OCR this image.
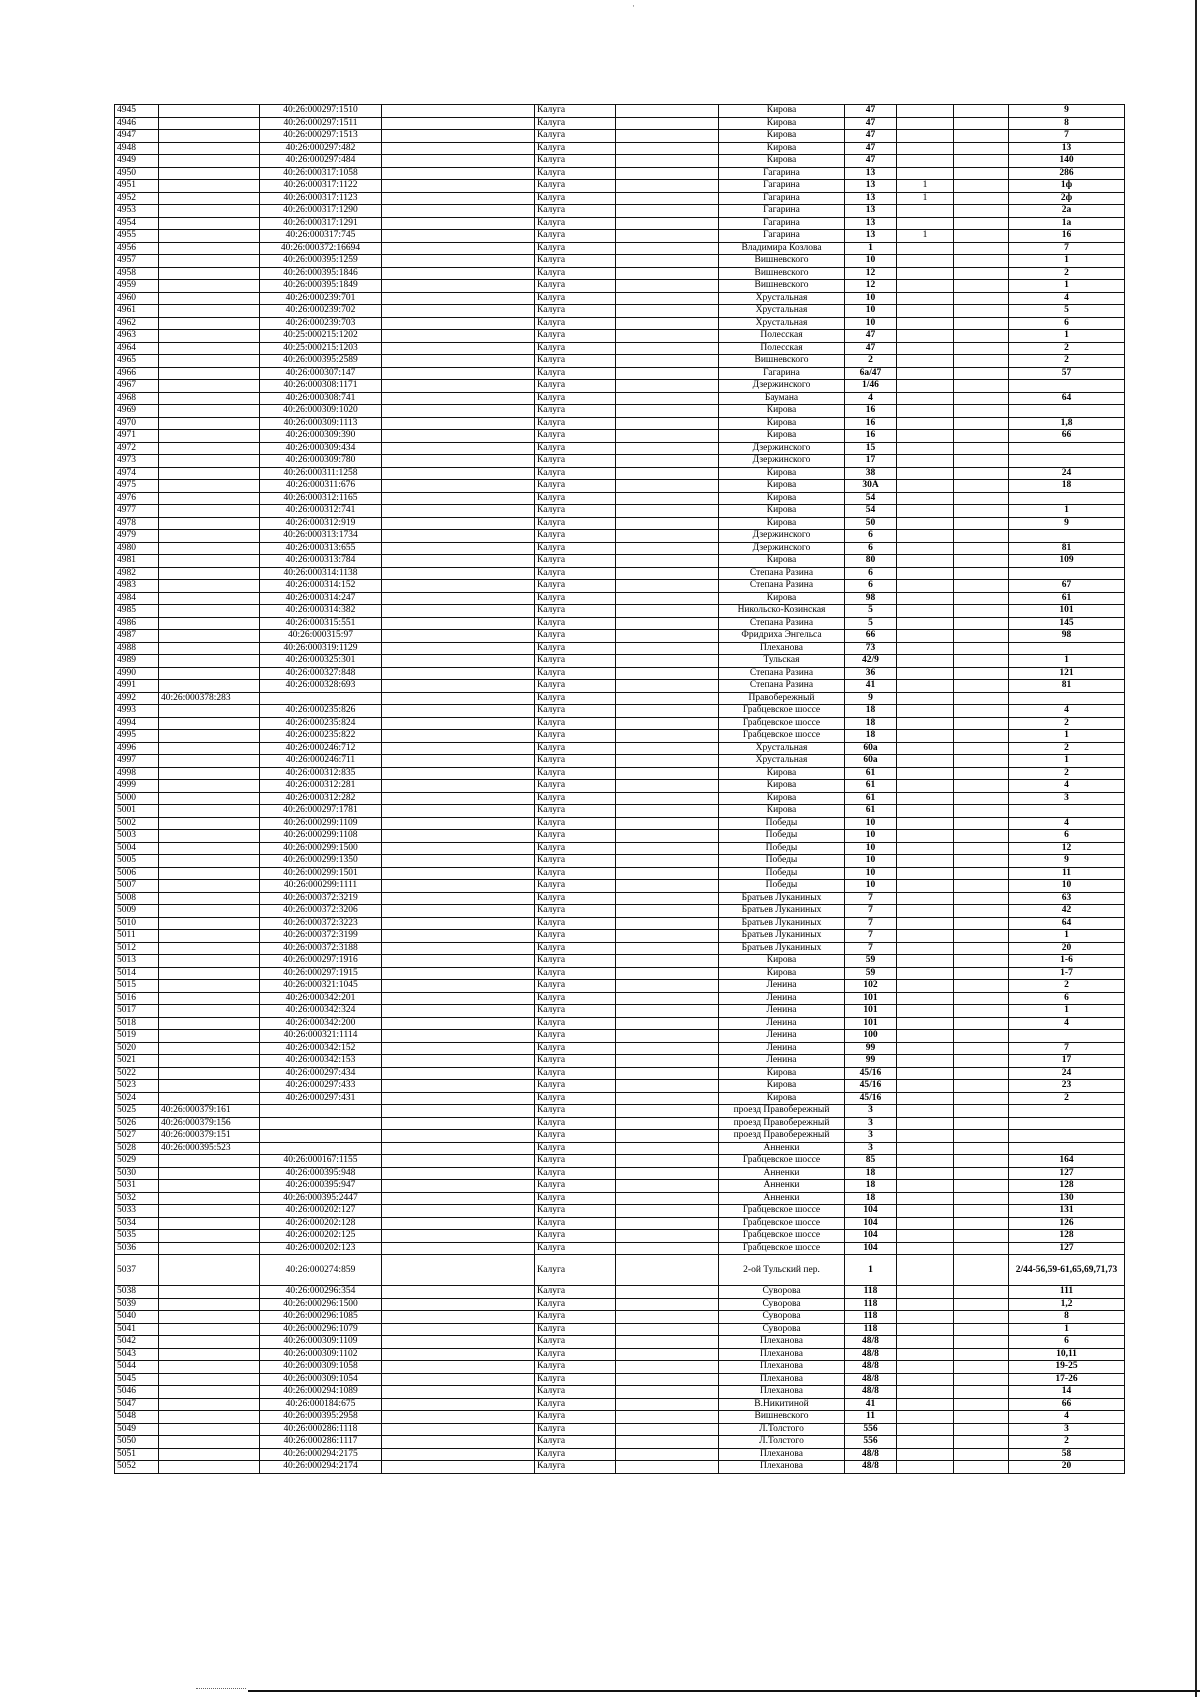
·
4945		40:26:000297:1510		Калуга		Кирова	47			9
4946		40:26:000297:1511		Калуга		Кирова	47			8
4947		40:26:000297:1513		Калуга		Кирова	47			7
4948		40:26:000297:482		Калуга		Кирова	47			13
4949		40:26:000297:484		Калуга		Кирова	47			140
4950		40:26:000317:1058		Калуга		Гагарина	13			286
4951		40:26:000317:1122		Калуга		Гагарина	13	1		1ф
4952		40:26:000317:1123		Калуга		Гагарина	13	1		2ф
4953		40:26:000317:1290		Калуга		Гагарина	13			2а
4954		40:26:000317:1291		Калуга		Гагарина	13			1а
4955		40:26:000317:745		Калуга		Гагарина	13	1		16
4956		40:26:000372:16694		Калуга		Владимира Козлова	1			7
4957		40:26:000395:1259		Калуга		Вишневского	10			1
4958		40:26:000395:1846		Калуга		Вишневского	12			2
4959		40:26:000395:1849		Калуга		Вишневского	12			1
4960		40:26:000239:701		Калуга		Хрустальная	10			4
4961		40:26:000239:702		Калуга		Хрустальная	10			5
4962		40:26:000239:703		Калуга		Хрустальная	10			6
4963		40:25:000215:1202		Калуга		Полесская	47			1
4964		40:25:000215:1203		Калуга		Полесская	47			2
4965		40:26:000395:2589		Калуга		Вишневского	2			2
4966		40:26:000307:147		Калуга		Гагарина	6а/47			57
4967		40:26:000308:1171		Калуга		Дзержинского	1/46			
4968		40:26:000308:741		Калуга		Баумана	4			64
4969		40:26:000309:1020		Калуга		Кирова	16			
4970		40:26:000309:1113		Калуга		Кирова	16			1,8
4971		40:26:000309:390		Калуга		Кирова	16			66
4972		40:26:000309:434		Калуга		Дзержинского	15			
4973		40:26:000309:780		Калуга		Дзержинского	17			
4974		40:26:000311:1258		Калуга		Кирова	38			24
4975		40:26:000311:676		Калуга		Кирова	30А			18
4976		40:26:000312:1165		Калуга		Кирова	54			
4977		40:26:000312:741		Калуга		Кирова	54			1
4978		40:26:000312:919		Калуга		Кирова	50			9
4979		40:26:000313:1734		Калуга		Дзержинского	6			
4980		40:26:000313:655		Калуга		Дзержинского	6			81
4981		40:26:000313:784		Калуга		Кирова	80			109
4982		40:26:000314:1138		Калуга		Степана Разина	6			
4983		40:26:000314:152		Калуга		Степана Разина	6			67
4984		40:26:000314:247		Калуга		Кирова	98			61
4985		40:26:000314:382		Калуга		Никольско-Козинская	5			101
4986		40:26:000315:551		Калуга		Степана Разина	5			145
4987		40:26:000315:97		Калуга		Фридриха Энгельса	66			98
4988		40:26:000319:1129		Калуга		Плеханова	73			
4989		40:26:000325:301		Калуга		Тульская	42/9			1
4990		40:26:000327:848		Калуга		Степана Разина	36			121
4991		40:26:000328:693		Калуга		Степана Разина	41			81
4992	40:26:000378:283			Калуга		Правобережный	9			
4993		40:26:000235:826		Калуга		Грабцевское шоссе	18			4
4994		40:26:000235:824		Калуга		Грабцевское шоссе	18			2
4995		40:26:000235:822		Калуга		Грабцевское шоссе	18			1
4996		40:26:000246:712		Калуга		Хрустальная	60а			2
4997		40:26:000246:711		Калуга		Хрустальная	60а			1
4998		40:26:000312:835		Калуга		Кирова	61			2
4999		40:26:000312:281		Калуга		Кирова	61			4
5000		40:26:000312:282		Калуга		Кирова	61			3
5001		40:26:000297:1781		Калуга		Кирова	61			
5002		40:26:000299:1109		Калуга		Победы	10			4
5003		40:26:000299:1108		Калуга		Победы	10			6
5004		40:26:000299:1500		Калуга		Победы	10			12
5005		40:26:000299:1350		Калуга		Победы	10			9
5006		40:26:000299:1501		Калуга		Победы	10			11
5007		40:26:000299:1111		Калуга		Победы	10			10
5008		40:26:000372:3219		Калуга		Братьев Луканиных	7			63
5009		40:26:000372:3206		Калуга		Братьев Луканиных	7			42
5010		40:26:000372:3223		Калуга		Братьев Луканиных	7			64
5011		40:26:000372:3199		Калуга		Братьев Луканиных	7			1
5012		40:26:000372:3188		Калуга		Братьев Луканиных	7			20
5013		40:26:000297:1916		Калуга		Кирова	59			1-6
5014		40:26:000297:1915		Калуга		Кирова	59			1-7
5015		40:26:000321:1045		Калуга		Ленина	102			2
5016		40:26:000342:201		Калуга		Ленина	101			6
5017		40:26:000342:324		Калуга		Ленина	101			1
5018		40:26:000342:200		Калуга		Ленина	101			4
5019		40:26:000321:1114		Калуга		Ленина	100			
5020		40:26:000342:152		Калуга		Ленина	99			7
5021		40:26:000342:153		Калуга		Ленина	99			17
5022		40:26:000297:434		Калуга		Кирова	45/16			24
5023		40:26:000297:433		Калуга		Кирова	45/16			23
5024		40:26:000297:431		Калуга		Кирова	45/16			2
5025	40:26:000379:161			Калуга		проезд Правобережный	3			
5026	40:26:000379:156			Калуга		проезд Правобережный	3			
5027	40:26:000379:151			Калуга		проезд Правобережный	3			
5028	40:26:000395:523			Калуга		Анненки	3			
5029		40:26:000167:1155		Калуга		Грабцевское шоссе	85			164
5030		40:26:000395:948		Калуга		Анненки	18			127
5031		40:26:000395:947		Калуга		Анненки	18			128
5032		40:26:000395:2447		Калуга		Анненки	18			130
5033		40:26:000202:127		Калуга		Грабцевское шоссе	104			131
5034		40:26:000202:128		Калуга		Грабцевское шоссе	104			126
5035		40:26:000202:125		Калуга		Грабцевское шоссе	104			128
5036		40:26:000202:123		Калуга		Грабцевское шоссе	104			127
5037		40:26:000274:859		Калуга		2-ой Тульский пер.	1			2/44-56,59-61,65,69,71,73
5038		40:26:000296:354		Калуга		Суворова	118			111
5039		40:26:000296:1500		Калуга		Суворова	118			1,2
5040		40:26:000296:1085		Калуга		Суворова	118			8
5041		40:26:000296:1079		Калуга		Суворова	118			1
5042		40:26:000309:1109		Калуга		Плеханова	48/8			6
5043		40:26:000309:1102		Калуга		Плеханова	48/8			10,11
5044		40:26:000309:1058		Калуга		Плеханова	48/8			19-25
5045		40:26:000309:1054		Калуга		Плеханова	48/8			17-26
5046		40:26:000294:1089		Калуга		Плеханова	48/8			14
5047		40:26:000184:675		Калуга		В.Никитиной	41			66
5048		40:26:000395:2958		Калуга		Вишневского	11			4
5049		40:26:000286:1118		Калуга		Л.Толстого	556			3
5050		40:26:000286:1117		Калуга		Л.Толстого	556			2
5051		40:26:000294:2175		Калуга		Плеханова	48/8			58
5052		40:26:000294:2174		Калуга		Плеханова	48/8			20
